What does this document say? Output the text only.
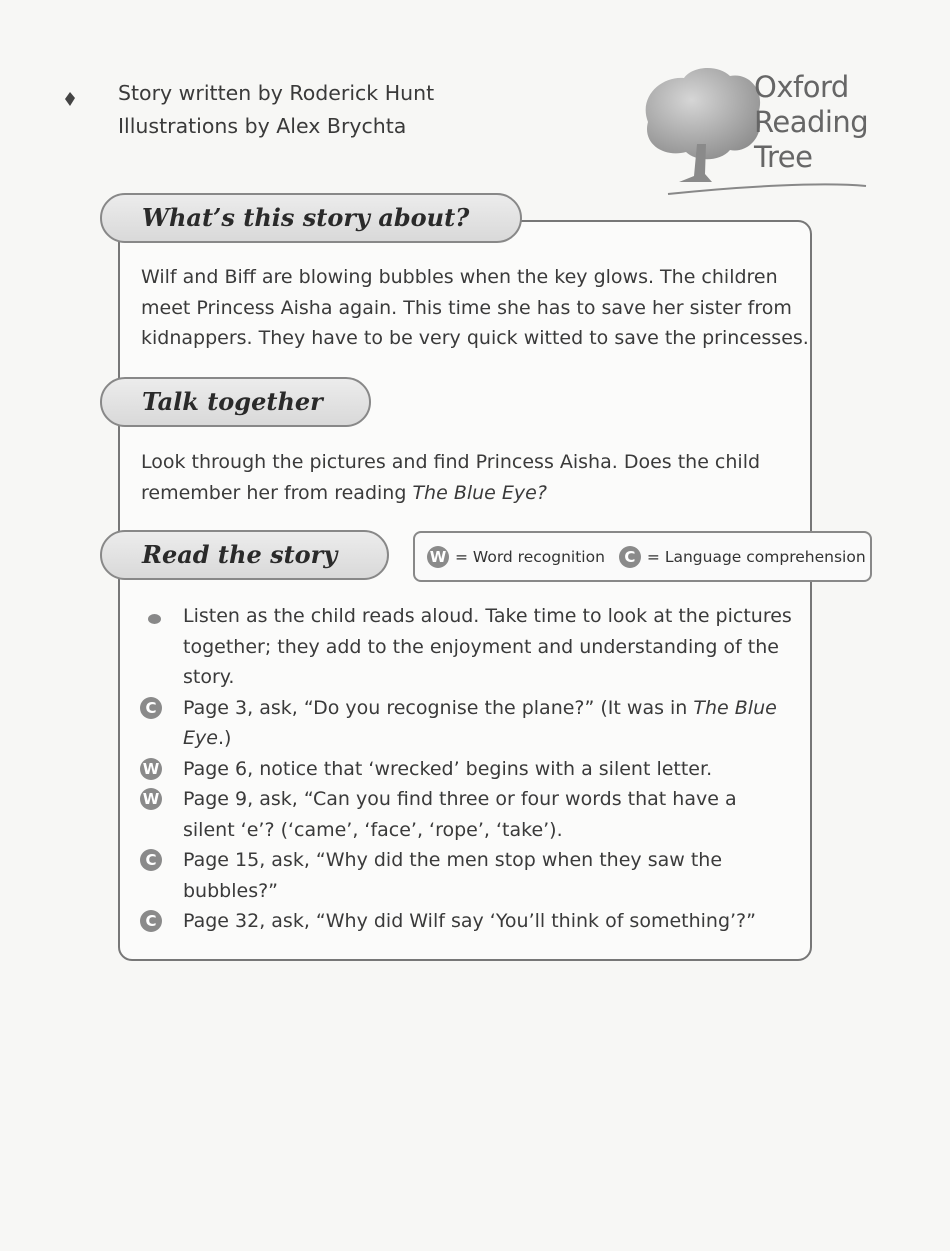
Story written by Roderick Hunt
Illustrations by Alex Brychta
Oxford
Reading
Tree
What’s this story about?
Wilf and Biff are blowing bubbles when the key glows. The children
meet Princess Aisha again. This time she has to save her sister from
kidnappers. They have to be very quick witted to save the princesses.
Talk together
Look through the pictures and find Princess Aisha. Does the child
remember her from reading The Blue Eye?
Read the story	W = Word recognition	C = Language comprehension
Listen as the child reads aloud. Take time to look at the pictures
together; they add to the enjoyment and understanding of the
story.
C Page 3, ask, “Do you recognise the plane?” (It was in The Blue
Eye.)
W Page 6, notice that ‘wrecked’ begins with a silent letter.
W Page 9, ask, “Can you find three or four words that have a
silent ‘e’? (‘came’, ‘face’, ‘rope’, ‘take’).
C Page 15, ask, “Why did the men stop when they saw the
bubbles?”
C Page 32, ask, “Why did Wilf say ‘You’ll think of something’?”
